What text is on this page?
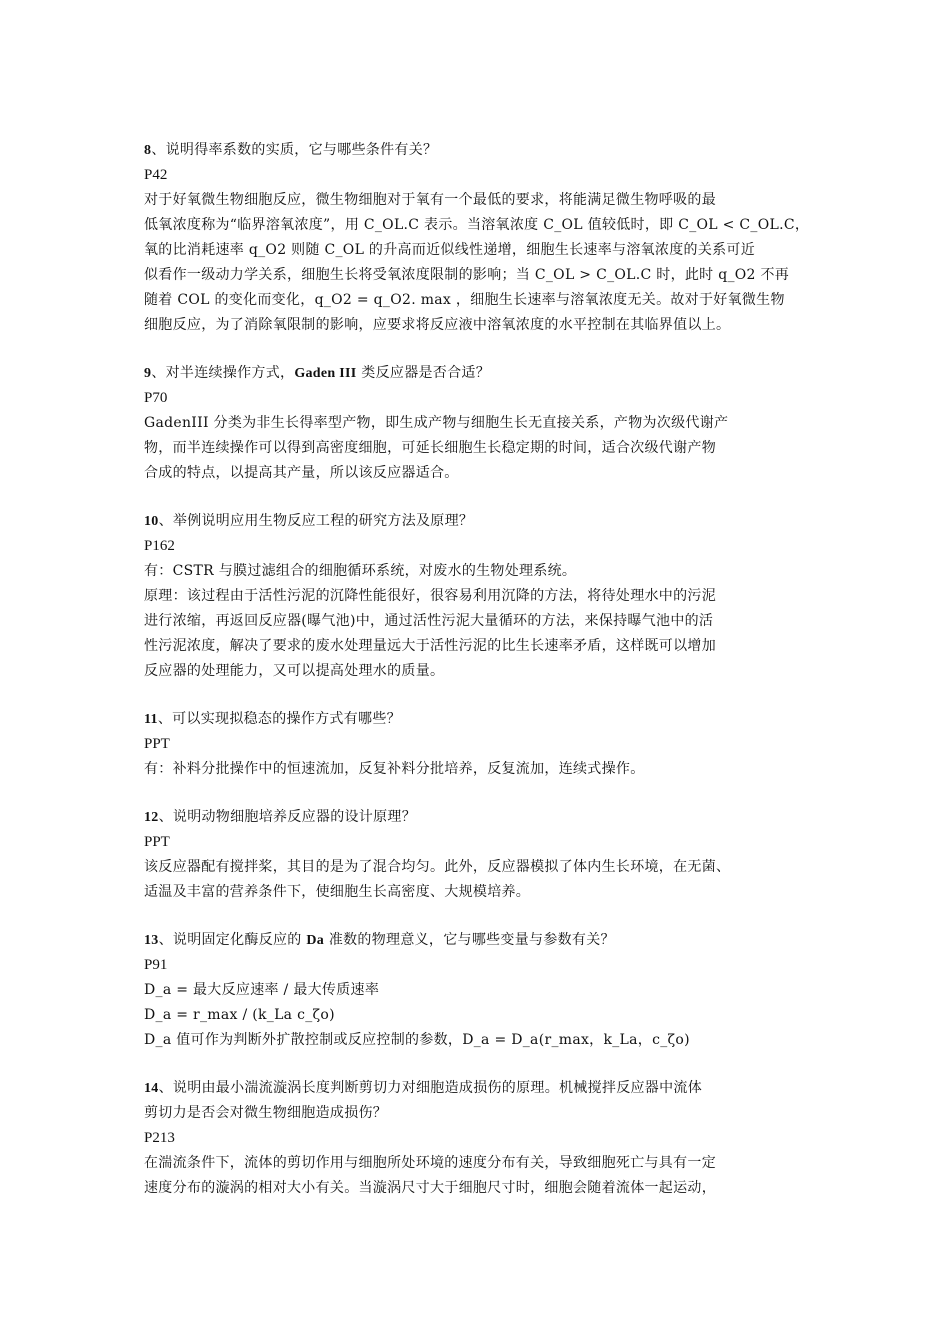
8、说明得率系数的实质，它与哪些条件有关？
P42
对于好氧微生物细胞反应，微生物细胞对于氧有一个最低的要求，将能满足微生物呼吸的最
低氧浓度称为“临界溶氧浓度”，用 C_OL.C 表示。当溶氧浓度 C_OL 值较低时，即 C_OL < C_OL.C，
氧的比消耗速率 q_O2 则随 C_OL 的升高而近似线性递增，细胞生长速率与溶氧浓度的关系可近
似看作一级动力学关系，细胞生长将受氧浓度限制的影响；当 C_OL > C_OL.C 时，此时 q_O2 不再
随着 COL 的变化而变化，q_O2 = q_O2. max ，细胞生长速率与溶氧浓度无关。故对于好氧微生物
细胞反应，为了消除氧限制的影响，应要求将反应液中溶氧浓度的水平控制在其临界值以上。
9、对半连续操作方式，Gaden III 类反应器是否合适？
P70
GadenIII 分类为非生长得率型产物，即生成产物与细胞生长无直接关系，产物为次级代谢产
物，而半连续操作可以得到高密度细胞，可延长细胞生长稳定期的时间，适合次级代谢产物
合成的特点，以提高其产量，所以该反应器适合。
10、举例说明应用生物反应工程的研究方法及原理？
P162
有：CSTR 与膜过滤组合的细胞循环系统，对废水的生物处理系统。
原理：该过程由于活性污泥的沉降性能很好，很容易利用沉降的方法，将待处理水中的污泥
进行浓缩，再返回反应器(曝气池)中，通过活性污泥大量循环的方法，来保持曝气池中的活
性污泥浓度，解决了要求的废水处理量远大于活性污泥的比生长速率矛盾，这样既可以增加
反应器的处理能力，又可以提高处理水的质量。
11、可以实现拟稳态的操作方式有哪些？
PPT
有：补料分批操作中的恒速流加，反复补料分批培养，反复流加，连续式操作。
12、说明动物细胞培养反应器的设计原理？
PPT
该反应器配有搅拌桨，其目的是为了混合均匀。此外，反应器模拟了体内生长环境，在无菌、
适温及丰富的营养条件下，使细胞生长高密度、大规模培养。
13、说明固定化酶反应的 Da 准数的物理意义，它与哪些变量与参数有关？
P91
D_a = 最大反应速率 / 最大传质速率
D_a = r_max / (k_La c_ζo)
D_a 值可作为判断外扩散控制或反应控制的参数，D_a = D_a(r_max，k_La，c_ζo)
14、说明由最小湍流漩涡长度判断剪切力对细胞造成损伤的原理。机械搅拌反应器中流体
剪切力是否会对微生物细胞造成损伤？
P213
在湍流条件下，流体的剪切作用与细胞所处环境的速度分布有关，导致细胞死亡与具有一定
速度分布的漩涡的相对大小有关。当漩涡尺寸大于细胞尺寸时，细胞会随着流体一起运动，
